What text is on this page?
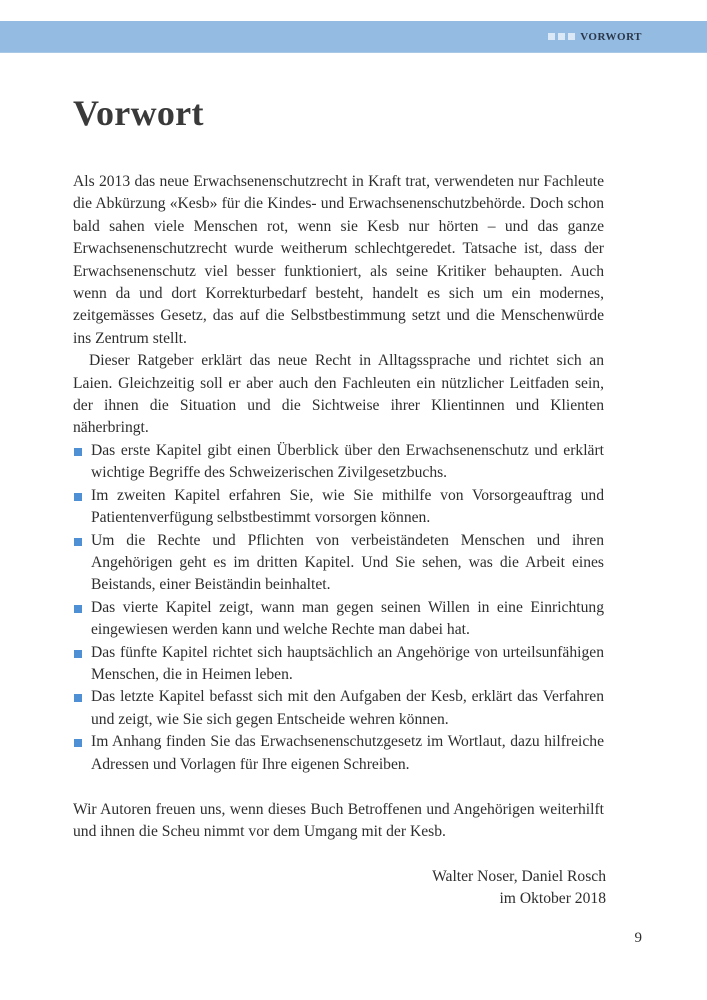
VORWORT
Vorwort

Als 2013 das neue Erwachsenenschutzrecht in Kraft trat, verwendeten nur Fachleute die Abkürzung «Kesb» für die Kindes- und Erwachsenenschutzbehörde. Doch schon bald sahen viele Menschen rot, wenn sie Kesb nur hörten – und das ganze Erwachsenenschutzrecht wurde weitherum schlechtgeredet. Tatsache ist, dass der Erwachsenenschutz viel besser funktioniert, als seine Kritiker behaupten. Auch wenn da und dort Korrekturbedarf besteht, handelt es sich um ein modernes, zeitgemässes Gesetz, das auf die Selbstbestimmung setzt und die Menschenwürde ins Zentrum stellt.

Dieser Ratgeber erklärt das neue Recht in Alltagssprache und richtet sich an Laien. Gleichzeitig soll er aber auch den Fachleuten ein nützlicher Leitfaden sein, der ihnen die Situation und die Sichtweise ihrer Klientinnen und Klienten näherbringt.

Das erste Kapitel gibt einen Überblick über den Erwachsenenschutz und erklärt wichtige Begriffe des Schweizerischen Zivilgesetzbuchs.
Im zweiten Kapitel erfahren Sie, wie Sie mithilfe von Vorsorgeauftrag und Patientenverfügung selbstbestimmt vorsorgen können.
Um die Rechte und Pflichten von verbeiständeten Menschen und ihren Angehörigen geht es im dritten Kapitel. Und Sie sehen, was die Arbeit eines Beistands, einer Beiständin beinhaltet.
Das vierte Kapitel zeigt, wann man gegen seinen Willen in eine Einrichtung eingewiesen werden kann und welche Rechte man dabei hat.
Das fünfte Kapitel richtet sich hauptsächlich an Angehörige von urteilsunfähigen Menschen, die in Heimen leben.
Das letzte Kapitel befasst sich mit den Aufgaben der Kesb, erklärt das Verfahren und zeigt, wie Sie sich gegen Entscheide wehren können.
Im Anhang finden Sie das Erwachsenenschutzgesetz im Wortlaut, dazu hilfreiche Adressen und Vorlagen für Ihre eigenen Schreiben.

Wir Autoren freuen uns, wenn dieses Buch Betroffenen und Angehörigen weiterhilft und ihnen die Scheu nimmt vor dem Umgang mit der Kesb.

Walter Noser, Daniel Rosch
im Oktober 2018
9
